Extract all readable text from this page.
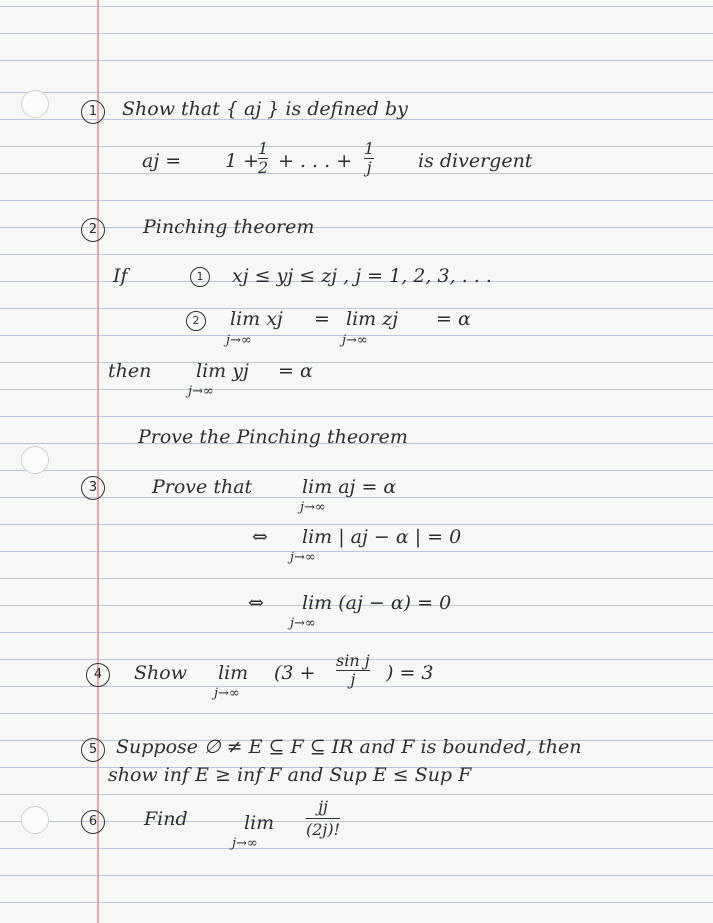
1	Show that { aj } is defined by
aj = 1 +
1
2 + . . . +
1
j is divergent
2	Pinching theorem
If	1	xj ≤ yj ≤ zj , j = 1, 2, 3, . . .
2	lim xj
j→∞
= lim zj
j→∞
= α
then lim yj
j→∞
= α
Prove the Pinching theorem
3	Prove that	lim aj = α
j→∞
⇔ lim | aj − α | = 0
j→∞
⇔ lim (aj − α) = 0
j→∞
4	Show lim
j→∞
(3 +
sin j
j ) = 3
5 Suppose ∅ ≠ E ⊆ F ⊆ IR and F is bounded, then
show inf E ≥ inf F and Sup E ≤ Sup F
6	Find	lim
j→∞
jj
(2j)!
